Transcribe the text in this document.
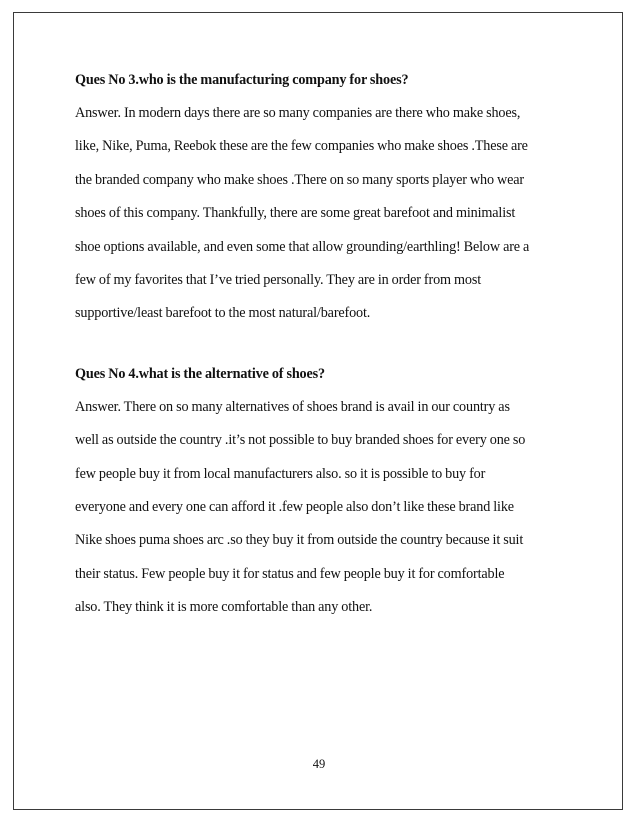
Ques No 3.who is the manufacturing company for shoes?

Answer. In modern days there are so many companies are there who make shoes,

like, Nike, Puma, Reebok these are the few companies who make shoes .These are

the branded company who make shoes .There on so many sports player who wear

shoes of this company. Thankfully, there are some great barefoot and minimalist

shoe options available, and even some that allow grounding/earthling! Below are a

few of my favorites that I’ve tried personally. They are in order from most

supportive/least barefoot to the most natural/barefoot.

Ques No 4.what is the alternative of shoes?

Answer. There on so many alternatives of shoes brand is avail in our country as

well as outside the country .it’s not possible to buy branded shoes for every one so

few people buy it from local manufacturers also. so it is possible to buy for

everyone and every one can afford it .few people also don’t like these brand like

Nike shoes puma shoes arc .so they buy it from outside the country because it suit

their status. Few people buy it for status and few people buy it for comfortable

also. They think it is more comfortable than any other.

49
